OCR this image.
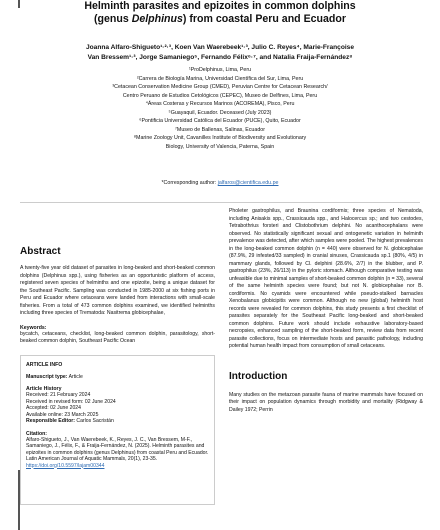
Helminth parasites and epizoites in common dolphins
(genus Delphinus) from coastal Peru and Ecuador
Joanna Alfaro-Shigueto¹·²·³, Koen Van Waerebeek¹·³, Julio C. Reyes⁴, Marie-Françoise
Van Bressem¹·³, Jorge Samaniego⁵, Fernando Félix⁶·⁷, and Natalia Fraija-Fernández⁸
¹ProDelphinus, Lima, Peru
²Carrera de Biología Marina, Universidad Científica del Sur, Lima, Peru
³Cetacean Conservation Medicine Group (CMED), Peruvian Centre for Cetacean Research/
Centro Peruano de Estudios Cetológicos (CEPEC), Museo de Delfines, Lima, Peru
⁴Áreas Costeras y Recursos Marinos (ACOREMA), Pisco, Peru
⁵Guayaquil, Ecuador. Deceased (July 2023)
⁶Pontificia Universidad Católica del Ecuador (PUCE), Quito, Ecuador
⁷Museo de Ballenas, Salinas, Ecuador
⁸Marine Zoology Unit, Cavanilles Institute of Biodiversity and Evolutionary
Biology, University of Valencia, Paterna, Spain
*Corresponding author: jalfaros@cientifica.edu.pe
Abstract
A twenty-five year old dataset of parasites in long-beaked and short-beaked common dolphins (Delphinus spp.), using fisheries as an opportunistic platform of access, registered seven species of helminths and one epizoite, being a unique dataset for the Southeast Pacific. Sampling was conducted in 1985-2000 at six fishing ports in Peru and Ecuador where cetaceans were landed from interactions with small-scale fisheries. From a total of 473 common dolphins examined, we identified helminths including three species of Trematoda: Nasitrema globicephalae,
Keywords:
bycatch, cetaceans, checklist, long-beaked common dolphin, parasitology, short-beaked common dolphin, Southeast Pacific Ocean
ARTICLE INFO
Manuscript type: Article
Article History
Received: 21 February 2024
Received in revised form: 02 June 2024
Accepted: 02 June 2024
Available online: 23 March 2025
Responsible Editor: Carlos Sacristán
Citation:
Alfaro-Shigueto, J., Van Waerebeek, K., Reyes, J. C., Van Bressem, M-F., Samaniego, J., Félix, F., & Fraija-Fernández, N. (2025). Helminth parasites and epizoites in common dolphins (genus Delphinus) from coastal Peru and Ecuador. Latin American Journal of Aquatic Mammals, 20(1), 23-35. https://doi.org/10.5597/lajam00344
Pholeter gastrophilus, and Braunina cordiformis; three species of Nematoda, including Anisakis spp., Crassicauda spp., and Halocercus sp.; and two cestodes, Tetrabothrius forsteri and Clistobothrium delphini. No acanthocephalans were observed. No statistically significant sexual and ontogenetic variation in helminth prevalence was detected, after which samples were pooled. The highest prevalences in the long-beaked common dolphin (n = 440) were observed for N. globicephalae (87.9%, 29 infested/33 sampled) in cranial sinuses, Crassicauda sp.1 (80%, 4/5) in mammary glands, followed by Cl. delphini (28.6%, 2/7) in the blubber, and P. gastrophilus (23%, 26/113) in the pyloric stomach. Although comparative testing was unfeasible due to minimal samples of short-beaked common dolphin (n = 33), several of the same helminth species were found; but not N. globicephalae nor B. cordiformis. No cyamids were encountered while pseudo-stalked barnacles Xenobalanus globicipitis were common. Although no new (global) helminth host records were revealed for common dolphins, this study presents a first checklist of parasites separately for the Southeast Pacific long-beaked and short-beaked common dolphins. Future work should include exhaustive laboratory-based necropsies, enhanced sampling of the short-beaked form, review data from recent parasite collections, focus on intermediate hosts and parasitic pathology, including potential human health impact from consumption of small cetaceans.
Introduction
Many studies on the metazoan parasite fauna of marine mammals have focused on their impact on population dynamics through morbidity and mortality (Ridgway & Dailey 1972; Perrin
